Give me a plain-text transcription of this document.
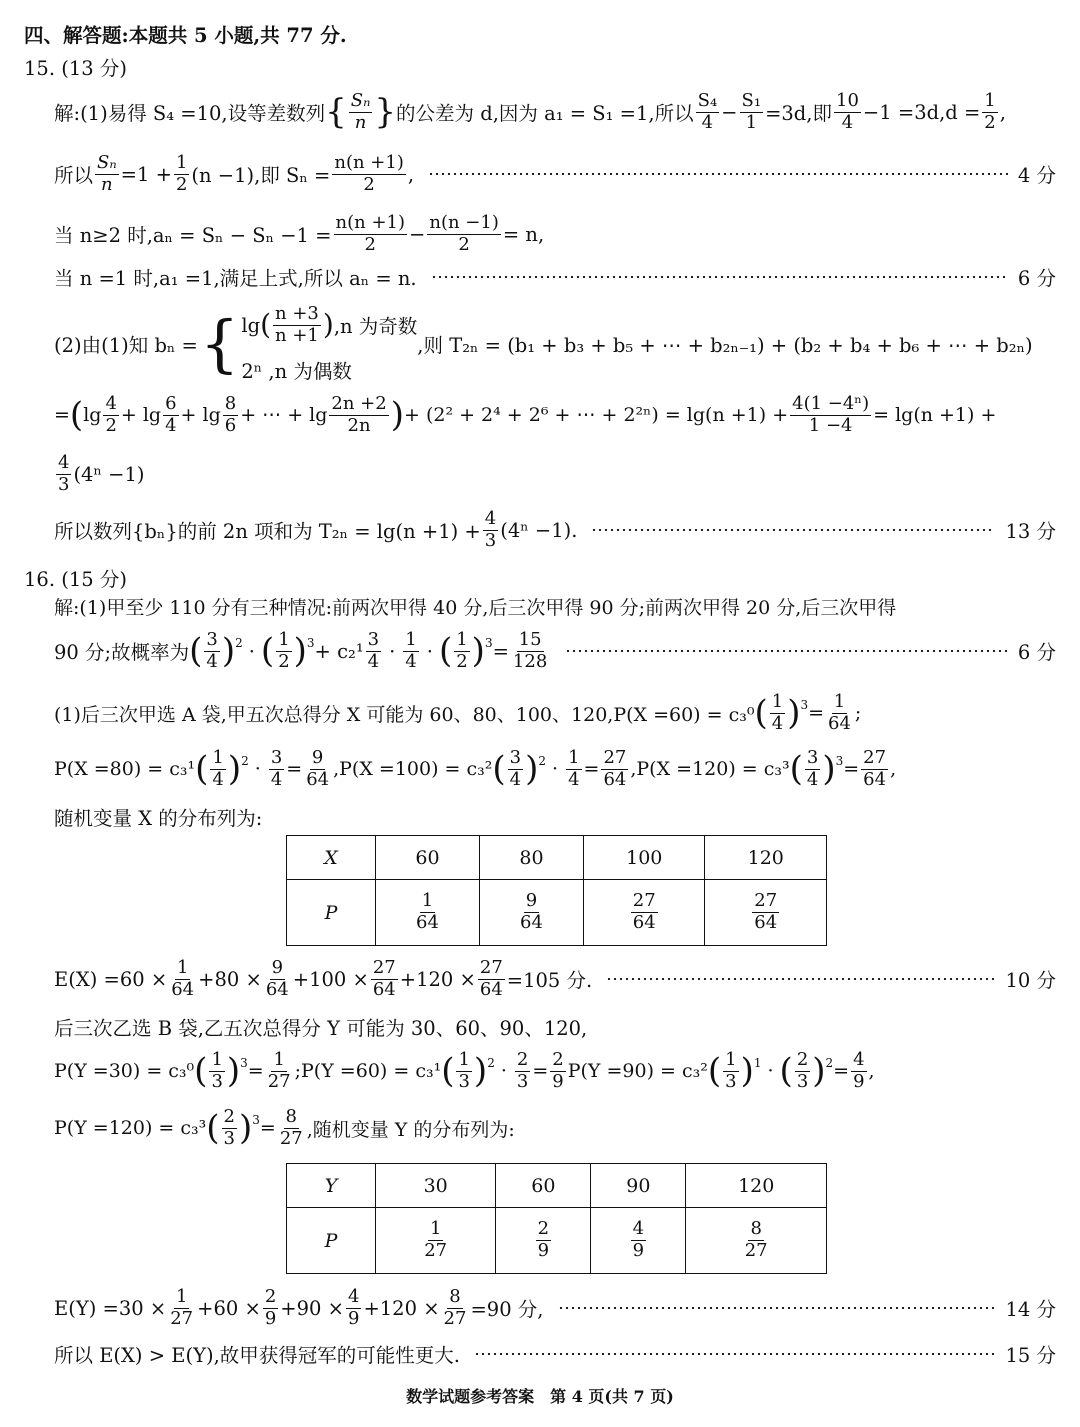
四、解答题:本题共 5 小题,共 77 分.
15. (13 分)
解:(1)易得 S₄ =10,设等差数列 { $\frac{\text{Sₙ}}{n}$ } 的公差为 d,因为 a₁ = S₁ =1,所以 $\frac{\text{S₄}}{4} - \frac{\text{S₁}}{1} =3d$,即 $\frac{10}{4} -1 =3d,d = \frac{1}{2}$ ,
所以 $\frac{\text{Sₙ}}{n} =1 + \frac{1}{2} (n -1)$,即 $S_n = \frac{n(n +1)}{2}$ ,	4 分
当 n≥2 时$,a_n = S_n - S_n -1 = \frac{n(n +1)}{2} - \frac{n(n -1)}{2} = n$,
当 n =1 时,a₁ =1,满足上式,所以 aₙ = n.	6 分
(2)由(1)知 bₙ = { lg ( $\frac{n +3}{n +1}$ ) ,n 为奇数
2ⁿ ,n 为偶数
,则 T₂ₙ = (b₁ + b₃ + b₅ + ⋯ + b₂ₙ₋₁) + (b₂ + b₄ + b₆ + ⋯ + b₂ₙ)
= ( $\lg \frac{4}{2} + \lg \frac{6}{4} + \lg \frac{8}{6}$ + ⋯ + $\lg \frac{2n +2}{2n}$ ) + (2² + 2⁴ + 2⁶ + ⋯ + $2^{2n}) = \lg(n +1) + \frac{\text{4(1 −4ⁿ)}}{1 -4} = \lg(n +1)$ +
$\frac{4}{3} (4^n -1)$
所以数列{bₙ}的前 2n 项和为 $T_{2n} = \lg(n +1) + \frac{4}{3} (4^n -1)$.	13 分
16. (15 分)
解:(1)甲至少 110 分有三种情况:前两次甲得 40 分,后三次甲得 90 分;前两次甲得 20 分,后三次甲得
90 分;故概率为 ( $\frac{3}{4}$ ) 2 · ( $\frac{1}{2}$ ) $3 + c_2^1 \frac{3}{4} \cdot \frac{1}{4}$ · ( $\frac{1}{2}$ ) $3 = \frac{15}{128}$	6 分
(1)后三次甲选 A 袋,甲五次总得分 X 可能为 60、80、100、120,P(X =60) = c₃⁰ ( $\frac{1}{4}$ ) $3 = \frac{1}{64}$ ;
P(X =80) = c₃¹ ( $\frac{1}{4}$ ) $2 \cdot \frac{3}{4} = \frac{9}{64} ,P(X =100) = c_3^2$ ( $\frac{3}{4}$ ) $2 \cdot \frac{1}{4} = \frac{27}{64} ,P(X =120) = c_3^3$ ( $\frac{3}{4}$ ) $3 = \frac{27}{64}$ ,
随机变量 X 的分布列为:
X	60	80	100	120
P	$\frac{1}{64}$	$\frac{9}{64}$	$\frac{27}{64}$	$\frac{27}{64}$
$E(X) =60 \times \frac{1}{64} +80 \times \frac{9}{64} +100 \times \frac{27}{64} +120 \times \frac{27}{64} =105$ 分.	10 分
后三次乙选 B 袋,乙五次总得分 Y 可能为 30、60、90、120,
P(Y =30) = c₃⁰ ( $\frac{1}{3}$ ) $3 = \frac{1}{27}$ ;P(Y =60) = c₃¹ ( $\frac{1}{3}$ ) $2 \cdot \frac{2}{3} = \frac{2}{9} P(Y =90) = c_3^2$ ( $\frac{1}{3}$ ) 1 · ( $\frac{2}{3}$ ) $2 = \frac{4}{9}$ ,
P(Y =120) = c₃³ ( $\frac{2}{3}$ ) $3 = \frac{8}{27}$ ,随机变量 Y 的分布列为:
Y	30	60	90	120
P	$\frac{1}{27}$	$\frac{2}{9}$	$\frac{4}{9}$	$\frac{8}{27}$
$E(Y) =30 \times \frac{1}{27} +60 \times \frac{2}{9} +90 \times \frac{4}{9} +120 \times \frac{8}{27} =90$ 分,	14 分
所以 E(X) > E(Y),故甲获得冠军的可能性更大.	15 分
数学试题参考答案　第 4 页(共 7 页)
